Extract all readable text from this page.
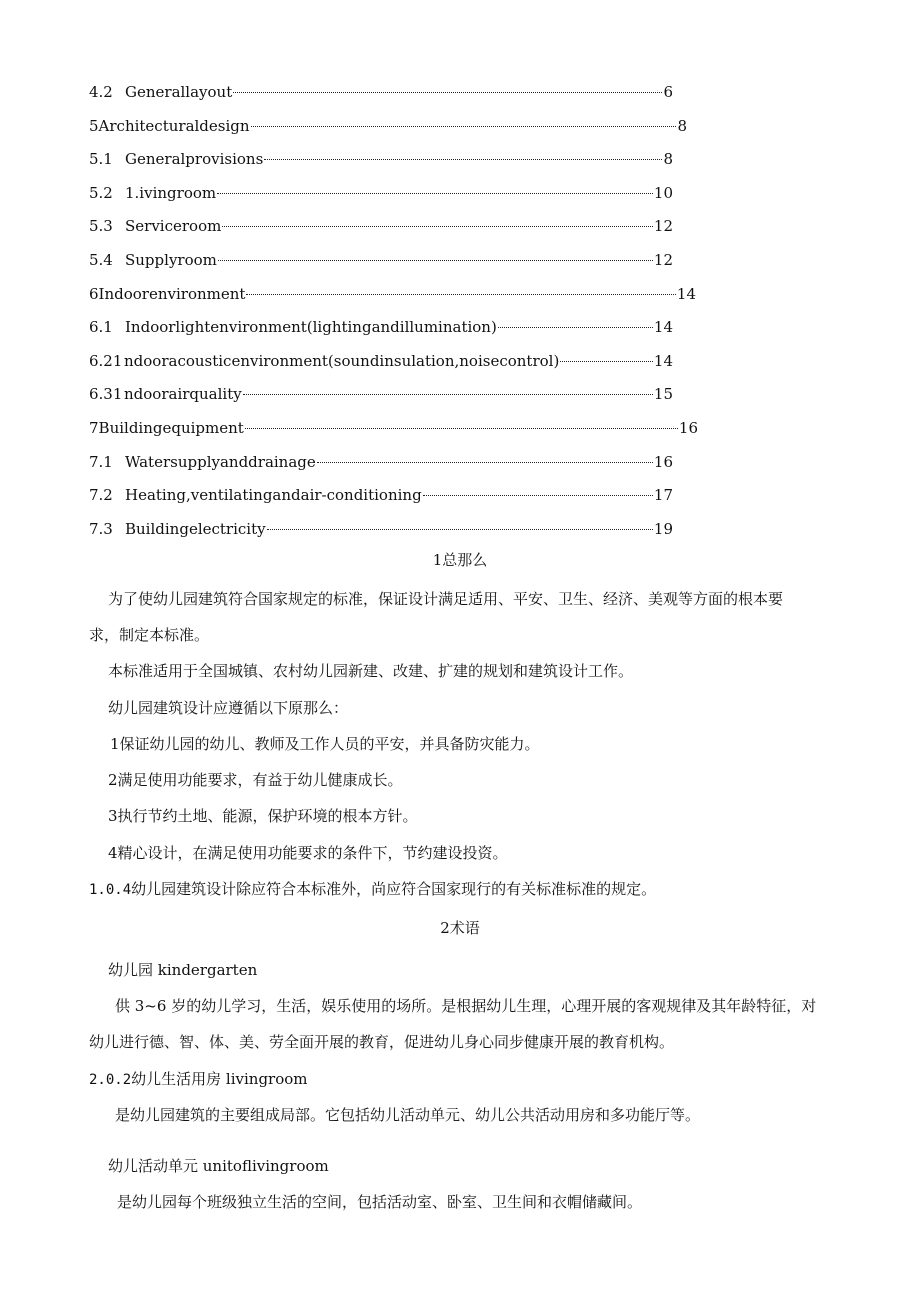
4.2 Generallayout	6
5Architecturaldesign	8
5.1 Generalprovisions	8
5.2 1.ivingroom	10
5.3 Serviceroom	12
5.4 Supplyroom	12
6Indoorenvironment	14
6.1 Indoorlightenvironment(lightingandillumination)	14
6.21 ndooracousticenvironment(soundinsulation,noisecontrol)	14
6.31 ndoorairquality	15
7Buildingequipment	16
7.1 Watersupplyanddrainage	16
7.2 Heating,ventilatingandair-conditioning	17
7.3 Buildingelectricity	19
1总那么
为了使幼儿园建筑符合国家规定的标准，保证设计满足适用、平安、卫生、经济、美观等方面的根本要
求，制定本标准。
本标准适用于全国城镇、农村幼儿园新建、改建、扩建的规划和建筑设计工作。
幼儿园建筑设计应遵循以下原那么：
1保证幼儿园的幼儿、教师及工作人员的平安，并具备防灾能力。
2满足使用功能要求，有益于幼儿健康成长。
3执行节约土地、能源，保护环境的根本方针。
4精心设计，在满足使用功能要求的条件下，节约建设投资。
1.0.4幼儿园建筑设计除应符合本标准外，尚应符合国家现行的有关标准标准的规定。
2术语
幼儿园 kindergarten
供 3~6 岁的幼儿学习，生活，娱乐使用的场所。是根据幼儿生理，心理开展的客观规律及其年龄特征，对
幼儿进行德、智、体、美、劳全面开展的教育，促进幼儿身心同步健康开展的教育机构。
2.0.2幼儿生活用房 livingroom
是幼儿园建筑的主要组成局部。它包括幼儿活动单元、幼儿公共活动用房和多功能厅等。
幼儿活动单元 unitoflivingroom
是幼儿园每个班级独立生活的空间，包括活动室、卧室、卫生间和衣帽储藏间。
